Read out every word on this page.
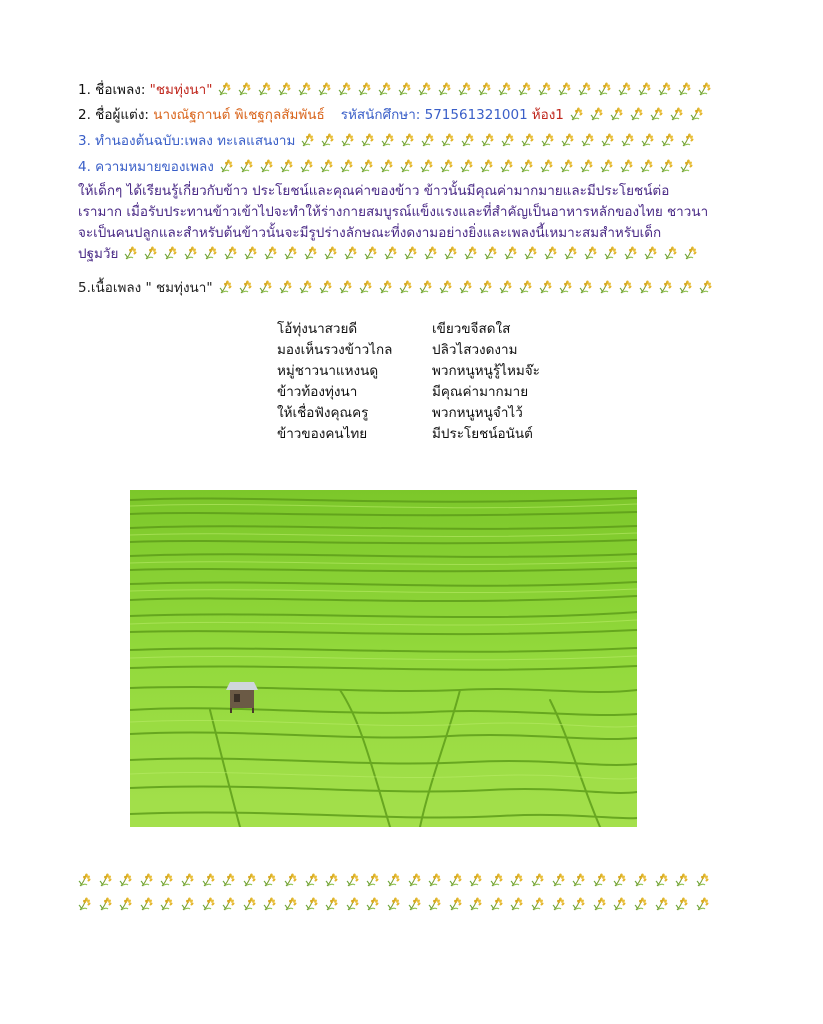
1. ชื่อเพลง: "ชมทุ่งนา"
2. ชื่อผู้แต่ง: นางณัฐกานต์ พิเชฐกุลสัมพันธ์ รหัสนักศึกษา: 571561321001 ห้อง1
3. ทำนองต้นฉบับ:เพลง ทะเลแสนงาม
4. ความหมายของเพลง
ให้เด็กๆ ได้เรียนรู้เกี่ยวกับข้าว ประโยชน์และคุณค่าของข้าว ข้าวนั้นมีคุณค่ามากมายและมีประโยชน์ต่อ
เรามาก เมื่อรับประทานข้าวเข้าไปจะทำให้ร่างกายสมบูรณ์แข็งแรงและที่สำคัญเป็นอาหารหลักของไทย ชาวนา
จะเป็นคนปลูกและสำหรับต้นข้าวนั้นจะมีรูปร่างลักษณะที่งดงามอย่างยิ่งและเพลงนี้เหมาะสมสำหรับเด็ก
ปฐมวัย
5.เนื้อเพลง " ชมทุ่งนา"
โอ้ทุ่งนาสวยดี	เขียวขจีสดใส
มองเห็นรวงข้าวไกล	ปลิวไสวงดงาม
หมู่ชาวนาแหงนดู	พวกหนูหนูรู้ไหมจ๊ะ
ข้าวท้องทุ่งนา	มีคุณค่ามากมาย
ให้เชื่อฟังคุณครู	พวกหนูหนูจำไว้
ข้าวของคนไทย	มีประโยชน์อนันต์
